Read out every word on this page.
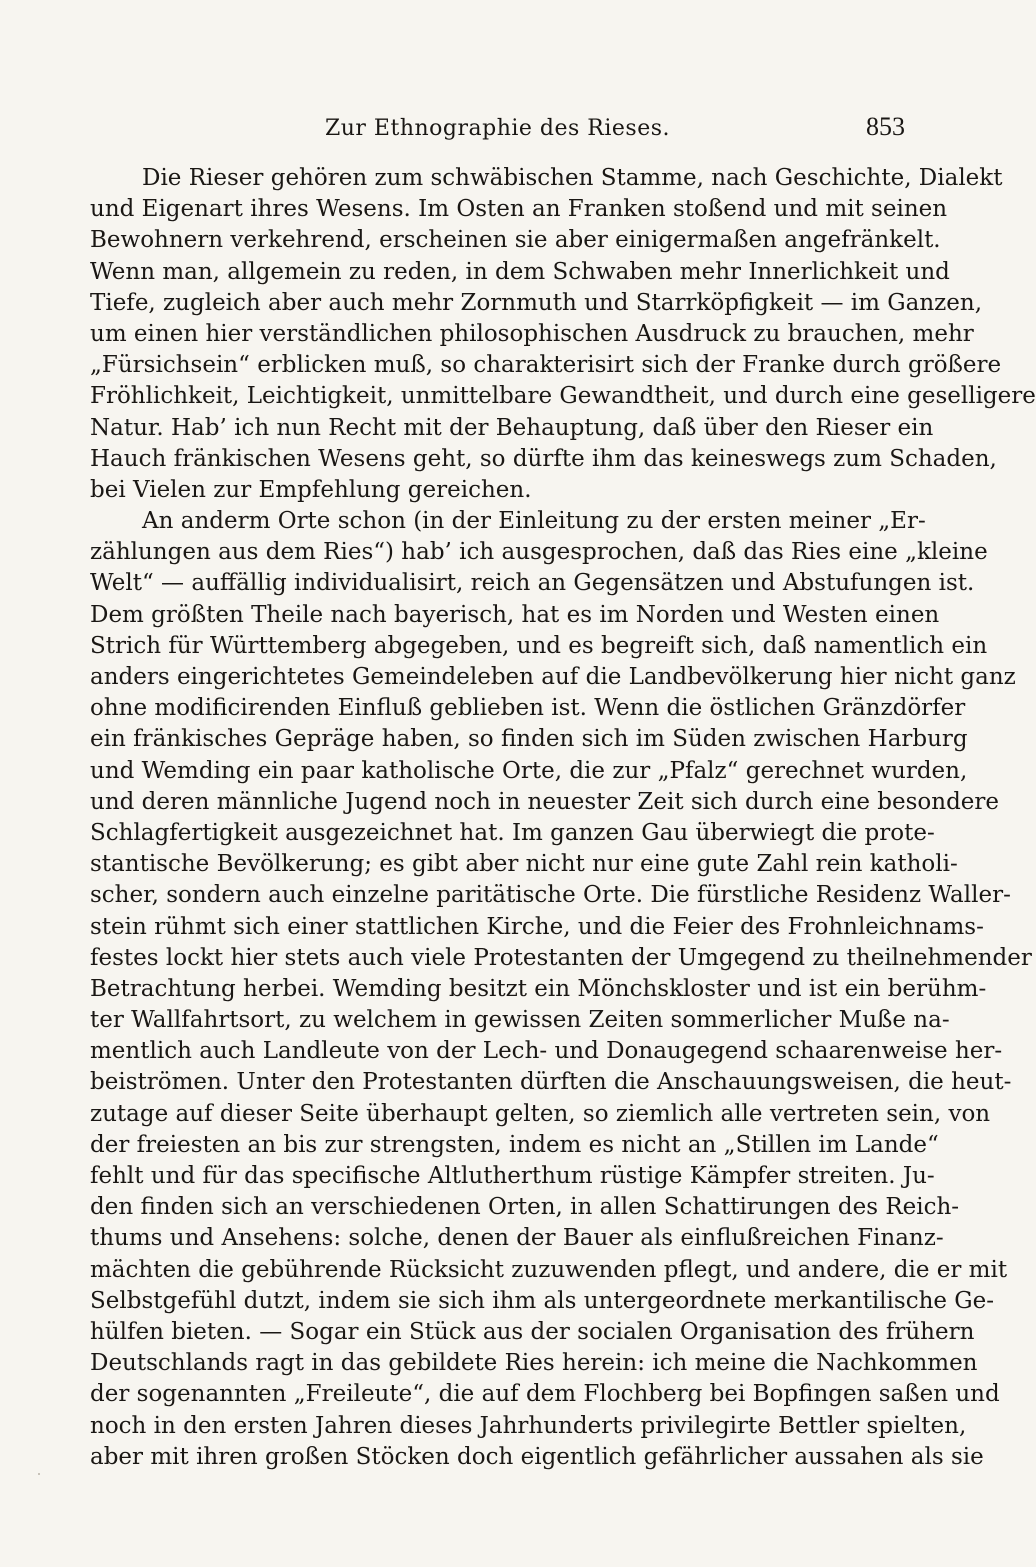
Zur Ethnographie des Rieses.	853
Die Rieser gehören zum schwäbischen Stamme, nach Geschichte, Dialekt
und Eigenart ihres Wesens. Im Osten an Franken stoßend und mit seinen
Bewohnern verkehrend, erscheinen sie aber einigermaßen angefränkelt.
Wenn man, allgemein zu reden, in dem Schwaben mehr Innerlichkeit und
Tiefe, zugleich aber auch mehr Zornmuth und Starrköpfigkeit — im Ganzen,
um einen hier verständlichen philosophischen Ausdruck zu brauchen, mehr
„Fürsichsein“ erblicken muß, so charakterisirt sich der Franke durch größere
Fröhlichkeit, Leichtigkeit, unmittelbare Gewandtheit, und durch eine geselligere
Natur. Hab’ ich nun Recht mit der Behauptung, daß über den Rieser ein
Hauch fränkischen Wesens geht, so dürfte ihm das keineswegs zum Schaden,
bei Vielen zur Empfehlung gereichen.
An anderm Orte schon (in der Einleitung zu der ersten meiner „Er-
zählungen aus dem Ries“) hab’ ich ausgesprochen, daß das Ries eine „kleine
Welt“ — auffällig individualisirt, reich an Gegensätzen und Abstufungen ist.
Dem größten Theile nach bayerisch, hat es im Norden und Westen einen
Strich für Württemberg abgegeben, und es begreift sich, daß namentlich ein
anders eingerichtetes Gemeindeleben auf die Landbevölkerung hier nicht ganz
ohne modificirenden Einfluß geblieben ist. Wenn die östlichen Gränzdörfer
ein fränkisches Gepräge haben, so finden sich im Süden zwischen Harburg
und Wemding ein paar katholische Orte, die zur „Pfalz“ gerechnet wurden,
und deren männliche Jugend noch in neuester Zeit sich durch eine besondere
Schlagfertigkeit ausgezeichnet hat. Im ganzen Gau überwiegt die prote-
stantische Bevölkerung; es gibt aber nicht nur eine gute Zahl rein katholi-
scher, sondern auch einzelne paritätische Orte. Die fürstliche Residenz Waller-
stein rühmt sich einer stattlichen Kirche, und die Feier des Frohnleichnams-
festes lockt hier stets auch viele Protestanten der Umgegend zu theilnehmender
Betrachtung herbei. Wemding besitzt ein Mönchskloster und ist ein berühm-
ter Wallfahrtsort, zu welchem in gewissen Zeiten sommerlicher Muße na-
mentlich auch Landleute von der Lech- und Donaugegend schaarenweise her-
beiströmen. Unter den Protestanten dürften die Anschauungsweisen, die heut-
zutage auf dieser Seite überhaupt gelten, so ziemlich alle vertreten sein, von
der freiesten an bis zur strengsten, indem es nicht an „Stillen im Lande“
fehlt und für das specifische Altlutherthum rüstige Kämpfer streiten. Ju-
den finden sich an verschiedenen Orten, in allen Schattirungen des Reich-
thums und Ansehens: solche, denen der Bauer als einflußreichen Finanz-
mächten die gebührende Rücksicht zuzuwenden pflegt, und andere, die er mit
Selbstgefühl dutzt, indem sie sich ihm als untergeordnete merkantilische Ge-
hülfen bieten. — Sogar ein Stück aus der socialen Organisation des frühern
Deutschlands ragt in das gebildete Ries herein: ich meine die Nachkommen
der sogenannten „Freileute“, die auf dem Flochberg bei Bopfingen saßen und
noch in den ersten Jahren dieses Jahrhunderts privilegirte Bettler spielten,
aber mit ihren großen Stöcken doch eigentlich gefährlicher aussahen als sie
